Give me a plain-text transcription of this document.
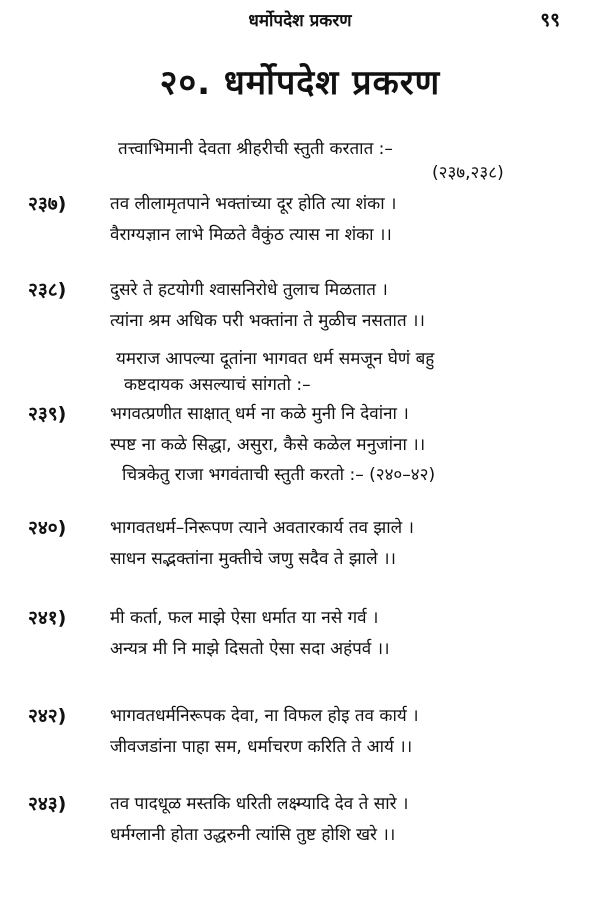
धर्मोपदेश प्रकरण	९९
२०. धर्मोपदेश प्रकरण
तत्त्वाभिमानी देवता श्रीहरीची स्तुती करतात :–
(२३७,२३८)
२३७)	तव लीलामृतपाने भक्तांच्या दूर होति त्या शंका ।
वैराग्यज्ञान लाभे मिळते वैकुंठ त्यास ना शंका ।।
२३८)	दुसरे ते हटयोगी श्वासनिरोधे तुलाच मिळतात ।
त्यांना श्रम अधिक परी भक्तांना ते मुळीच नसतात ।।
यमराज आपल्या दूतांना भागवत धर्म समजून घेणं बहु
कष्टदायक असल्याचं सांगतो :–
२३९)	भगवत्प्रणीत साक्षात् धर्म ना कळे मुनी नि देवांना ।
स्पष्ट ना कळे सिद्धा, असुरा, कैसे कळेल मनुजांना ।।
चित्रकेतु राजा भगवंताची स्तुती करतो :– (२४०–४२)
२४०)	भागवतधर्म–निरूपण त्याने अवतारकार्य तव झाले ।
साधन सद्भक्तांना मुक्तीचे जणु सदैव ते झाले ।।
२४१)	मी कर्ता, फल माझे ऐसा धर्मात या नसे गर्व ।
अन्यत्र मी नि माझे दिसतो ऐसा सदा अहंपर्व ।।
२४२)	भागवतधर्मनिरूपक देवा, ना विफल होइ तव कार्य ।
जीवजडांना पाहा सम, धर्माचरण करिति ते आर्य ।।
२४३)	तव पादधूळ मस्तकि धरिती लक्ष्म्यादि देव ते सारे ।
धर्मग्लानी होता उद्धरुनी त्यांसि तुष्ट होशि खरे ।।
